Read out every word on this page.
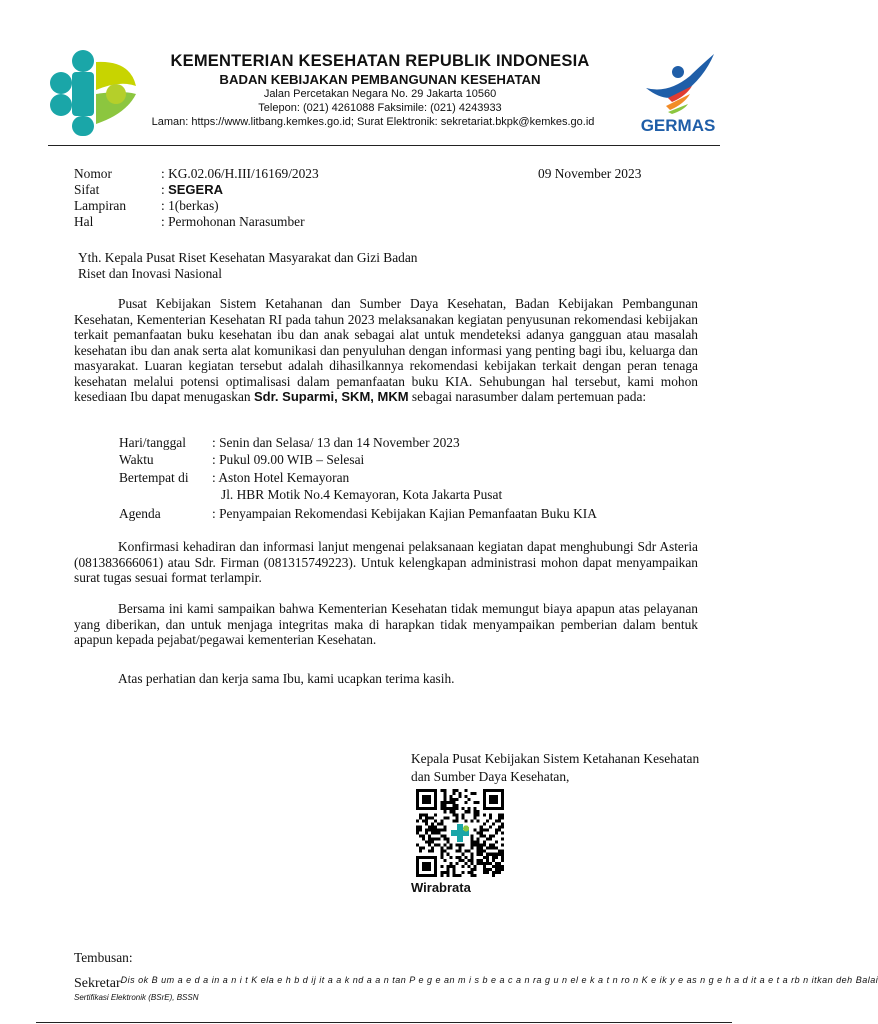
KEMENTERIAN KESEHATAN REPUBLIK INDONESIA
BADAN KEBIJAKAN PEMBANGUNAN KESEHATAN
Jalan Percetakan Negara No. 29 Jakarta 10560
Telepon: (021) 4261088 Faksimile: (021) 4243933
Laman: https://www.litbang.kemkes.go.id; Surat Elektronik: sekretariat.bkpk@kemkes.go.id	GERMAS
Nomor	: KG.02.06/H.III/16169/2023	09 November 2023
Sifat	: SEGERA
Lampiran	: 1(berkas)
Hal	: Permohonan Narasumber
Yth. Kepala Pusat Riset Kesehatan Masyarakat dan Gizi Badan
Riset dan Inovasi Nasional
Pusat Kebijakan Sistem Ketahanan dan Sumber Daya Kesehatan, Badan Kebijakan Pembangunan Kesehatan, Kementerian Kesehatan RI pada tahun 2023 melaksanakan kegiatan penyusunan rekomendasi kebijakan terkait pemanfaatan buku kesehatan ibu dan anak sebagai alat untuk mendeteksi adanya gangguan atau masalah kesehatan ibu dan anak serta alat komunikasi dan penyuluhan dengan informasi yang penting bagi ibu, keluarga dan masyarakat. Luaran kegiatan tersebut adalah dihasilkannya rekomendasi kebijakan terkait dengan peran tenaga kesehatan melalui potensi optimalisasi dalam pemanfaatan buku KIA. Sehubungan hal tersebut, kami mohon kesediaan Ibu dapat menugaskan Sdr. Suparmi, SKM, MKM sebagai narasumber dalam pertemuan pada:
Hari/tanggal : Senin dan Selasa/ 13 dan 14 November 2023
Waktu	: Pukul 09.00 WIB – Selesai
Bertempat di : Aston Hotel Kemayoran
Jl. HBR Motik No.4 Kemayoran, Kota Jakarta Pusat
Agenda	: Penyampaian Rekomendasi Kebijakan Kajian Pemanfaatan Buku KIA
Konfirmasi kehadiran dan informasi lanjut mengenai pelaksanaan kegiatan dapat menghubungi Sdr Asteria (081383666061) atau Sdr. Firman (081315749223). Untuk kelengkapan administrasi mohon dapat menyampaikan surat tugas sesuai format terlampir.
Bersama ini kami sampaikan bahwa Kementerian Kesehatan tidak memungut biaya apapun atas pelayanan yang diberikan, dan untuk menjaga integritas maka di harapkan tidak menyampaikan pemberian dalam bentuk apapun kepada pejabat/pegawai kementerian Kesehatan.
Atas perhatian dan kerja sama Ibu, kami ucapkan terima kasih.
Kepala Pusat Kebijakan Sistem Ketahanan Kesehatan
dan Sumber Daya Kesehatan,
Wirabrata
Tembusan:
Sekretar$^{Dis ok B um a e d a in a n i t K ela e h b d ij it a a k nd a a n tan P e g e an m i s b e a c a n ra g u n el e k a t n ro n K e ik y e as n g e h a d it a e t a rb n itkan deh Balai}$
Sertifikasi Elektronik (BSrE), BSSN
